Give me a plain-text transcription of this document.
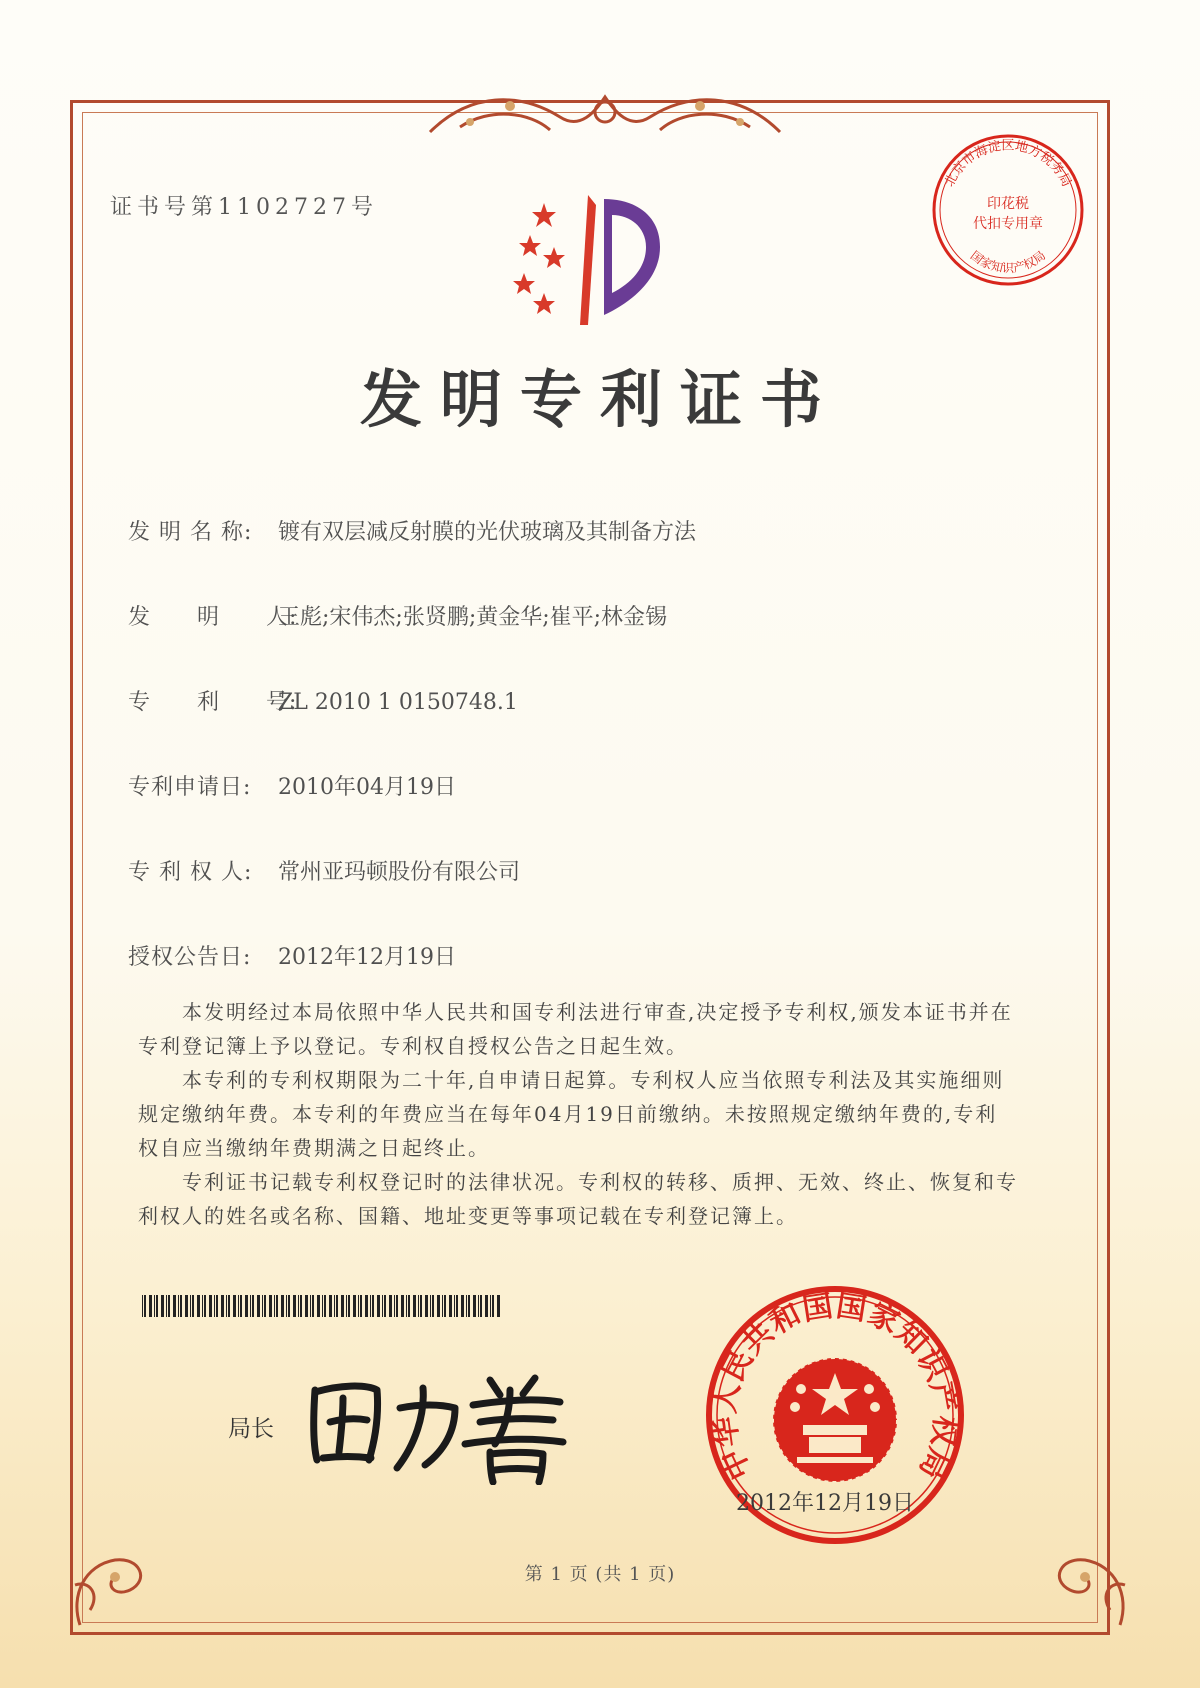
证书号第1102727号
北京市海淀区地方税务局
国家知识产权局
印花税
代扣专用章
发明专利证书
发 明 名 称: 镀有双层减反射膜的光伏玻璃及其制备方法
发　　明　　人:王彪;宋伟杰;张贤鹏;黄金华;崔平;林金锡
专　　利　　号:ZL 2010 1 0150748.1
专利申请日: 2010年04月19日
专 利 权 人: 常州亚玛顿股份有限公司
授权公告日: 2012年12月19日

本发明经过本局依照中华人民共和国专利法进行审查,决定授予专利权,颁发本证书并在专利登记簿上予以登记。专利权自授权公告之日起生效。

本专利的专利权期限为二十年,自申请日起算。专利权人应当依照专利法及其实施细则规定缴纳年费。本专利的年费应当在每年04月19日前缴纳。未按照规定缴纳年费的,专利权自应当缴纳年费期满之日起终止。

专利证书记载专利权登记时的法律状况。专利权的转移、质押、无效、终止、恢复和专利权人的姓名或名称、国籍、地址变更等事项记载在专利登记簿上。

局长
中华人民共和国国家知识产权局
2012年12月19日
第 1 页 (共 1 页)
